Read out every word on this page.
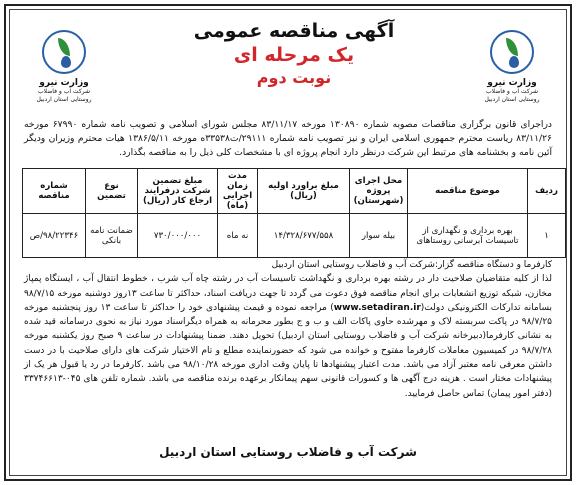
وزارت نیرو
شرکت آب و فاضلاب روستایی استان اردبیل
وزارت نیرو
شرکت آب و فاضلاب روستایی استان اردبیل
آگهی مناقصه عمومی
یک مرحله ای
نوبت دوم

دراجرای قانون برگزاری مناقصات مصوبه شماره ۱۳۰۸۹۰ مورخه ۸۳/۱۱/۱۷ مجلس شورای اسلامی و تصویب نامه شماره ۶۷۹۹۰ مورخه ۸۳/۱۱/۲۶ ریاست محترم جمهوری اسلامی ایران و نیز تصویب نامه شماره ۲۹۱۱۱/ت۳۳۵۳۸ه مورخه ۱۳۸۶/۵/۱۱ هیات محترم وزیران ودیگر آئین نامه و بخشنامه های مرتبط این شرکت درنظر دارد انجام پروژه ای با مشخصات کلی ذیل را به مناقصه بگذارد.

ردیف	موضوع مناقصه	محل اجرای پروژه (شهرستان)	مبلغ براورد اولیه (ریال)	مدت زمان اجرایی (ماه)	مبلغ تضمین شرکت درفرایند ارجاع کار (ریال)	نوع تضمین	شماره مناقصه
۱	بهره برداری و نگهداری از تاسیسات آبرسانی روستاهای	بیله سوار	۱۴/۳۲۸/۶۷۷/۵۵۸	نه ماه	۷۳۰/۰۰۰/۰۰۰	ضمانت نامه بانکی	۹۸/۲۲۳۴۶/ص
کارفرما و دستگاه مناقصه گزار:شرکت آب و فاضلاب روستایی استان اردبیل
لذا از کلیه متقاضیان صلاحیت دار در رشته بهره برداری و نگهداشت تاسیسات آب در رشته چاه آب شرب ، خطوط انتقال آب ، ایستگاه پمپاژ مخازن، شبکه توزیع انشعابات برای انجام مناقصه فوق دعوت می گردد تا جهت دریافت اسناد، حداکثر تا ساعت ۱۳روز دوشنبه مورخه ۹۸/۷/۱۵ بسامانه تدارکات الکترونیکی دولت(www.setadiran.ir) مراجعه نموده و قیمت پیشنهادی خود را حداکثر تا ساعت ۱۳ روز پنجشنبه مورخه ۹۸/۷/۲۵ در پاکت سربسته لاک و مهرشده حاوی پاکات الف و ب و ج بطور محرمانه به همراه دیگراسناد مورد نیاز به نحوی درسامانه قید شده به نشانی کارفرما(دبیرخانه شرکت آب و فاضلاب روستایی استان اردبیل) تحویل دهند. ضمنا پیشنهادات در ساعت ۹ صبح روز یکشنبه مورخه ۹۸/۷/۲۸ در کمیسیون معاملات کارفرما مفتوح و خوانده می شود که حضورنماینده مطلع و تام الاختیار شرکت های دارای صلاحیت با در دست داشتن معرفی نامه معتبر آزاد می باشد. مدت اعتبار پیشنهادها تا پایان وقت اداری مورخه ۹۸/۱۰/۲۸ می باشد .کارفرما در رد یا قبول هر یک از پیشنهادات مختار است . هزینه درج آگهی ها و کسورات قانونی سهم پیمانکار برعهده برنده مناقصه می باشد. شماره تلفن های ۰۴۵-۳۳۷۴۶۶۱۳ (دفتر امور پیمان) تماس حاصل فرمایید.
شرکت آب و فاضلاب روستایی استان اردبیل
